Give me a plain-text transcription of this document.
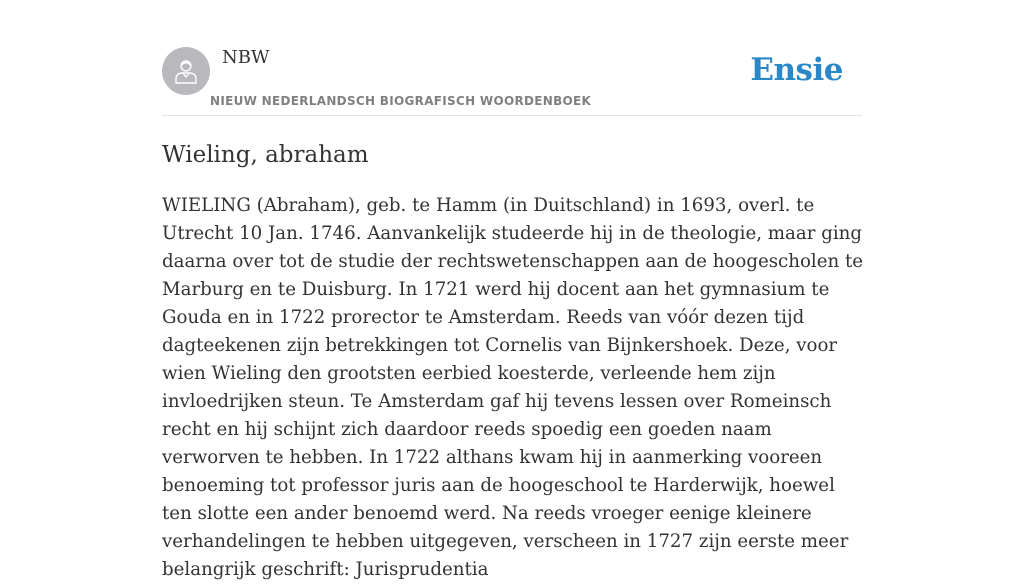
NBW
NIEUW NEDERLANDSCH BIOGRAFISCH WOORDENBOEK
Ensie
Wieling, abraham

WIELING (Abraham), geb. te Hamm (in Duitschland) in 1693, overl. te Utrecht 10 Jan. 1746. Aanvankelijk studeerde hij in de theologie, maar ging daarna over tot de studie der rechtswetenschappen aan de hoogescholen te Marburg en te Duisburg. In 1721 werd hij docent aan het gymnasium te Gouda en in 1722 prorector te Amsterdam. Reeds van vóór dezen tijd dagteekenen zijn betrekkingen tot Cornelis van Bijnkershoek. Deze, voor wien Wieling den grootsten eerbied koesterde, verleende hem zijn invloedrijken steun. Te Amsterdam gaf hij tevens lessen over Romeinsch recht en hij schijnt zich daardoor reeds spoedig een goeden naam verworven te hebben. In 1722 althans kwam hij in aanmerking vooreen benoeming tot professor juris aan de hoogeschool te Harderwijk, hoewel ten slotte een ander benoemd werd. Na reeds vroeger eenige kleinere verhandelingen te hebben uitgegeven, verscheen in 1727 zijn eerste meer belangrijk geschrift: Jurisprudentia
